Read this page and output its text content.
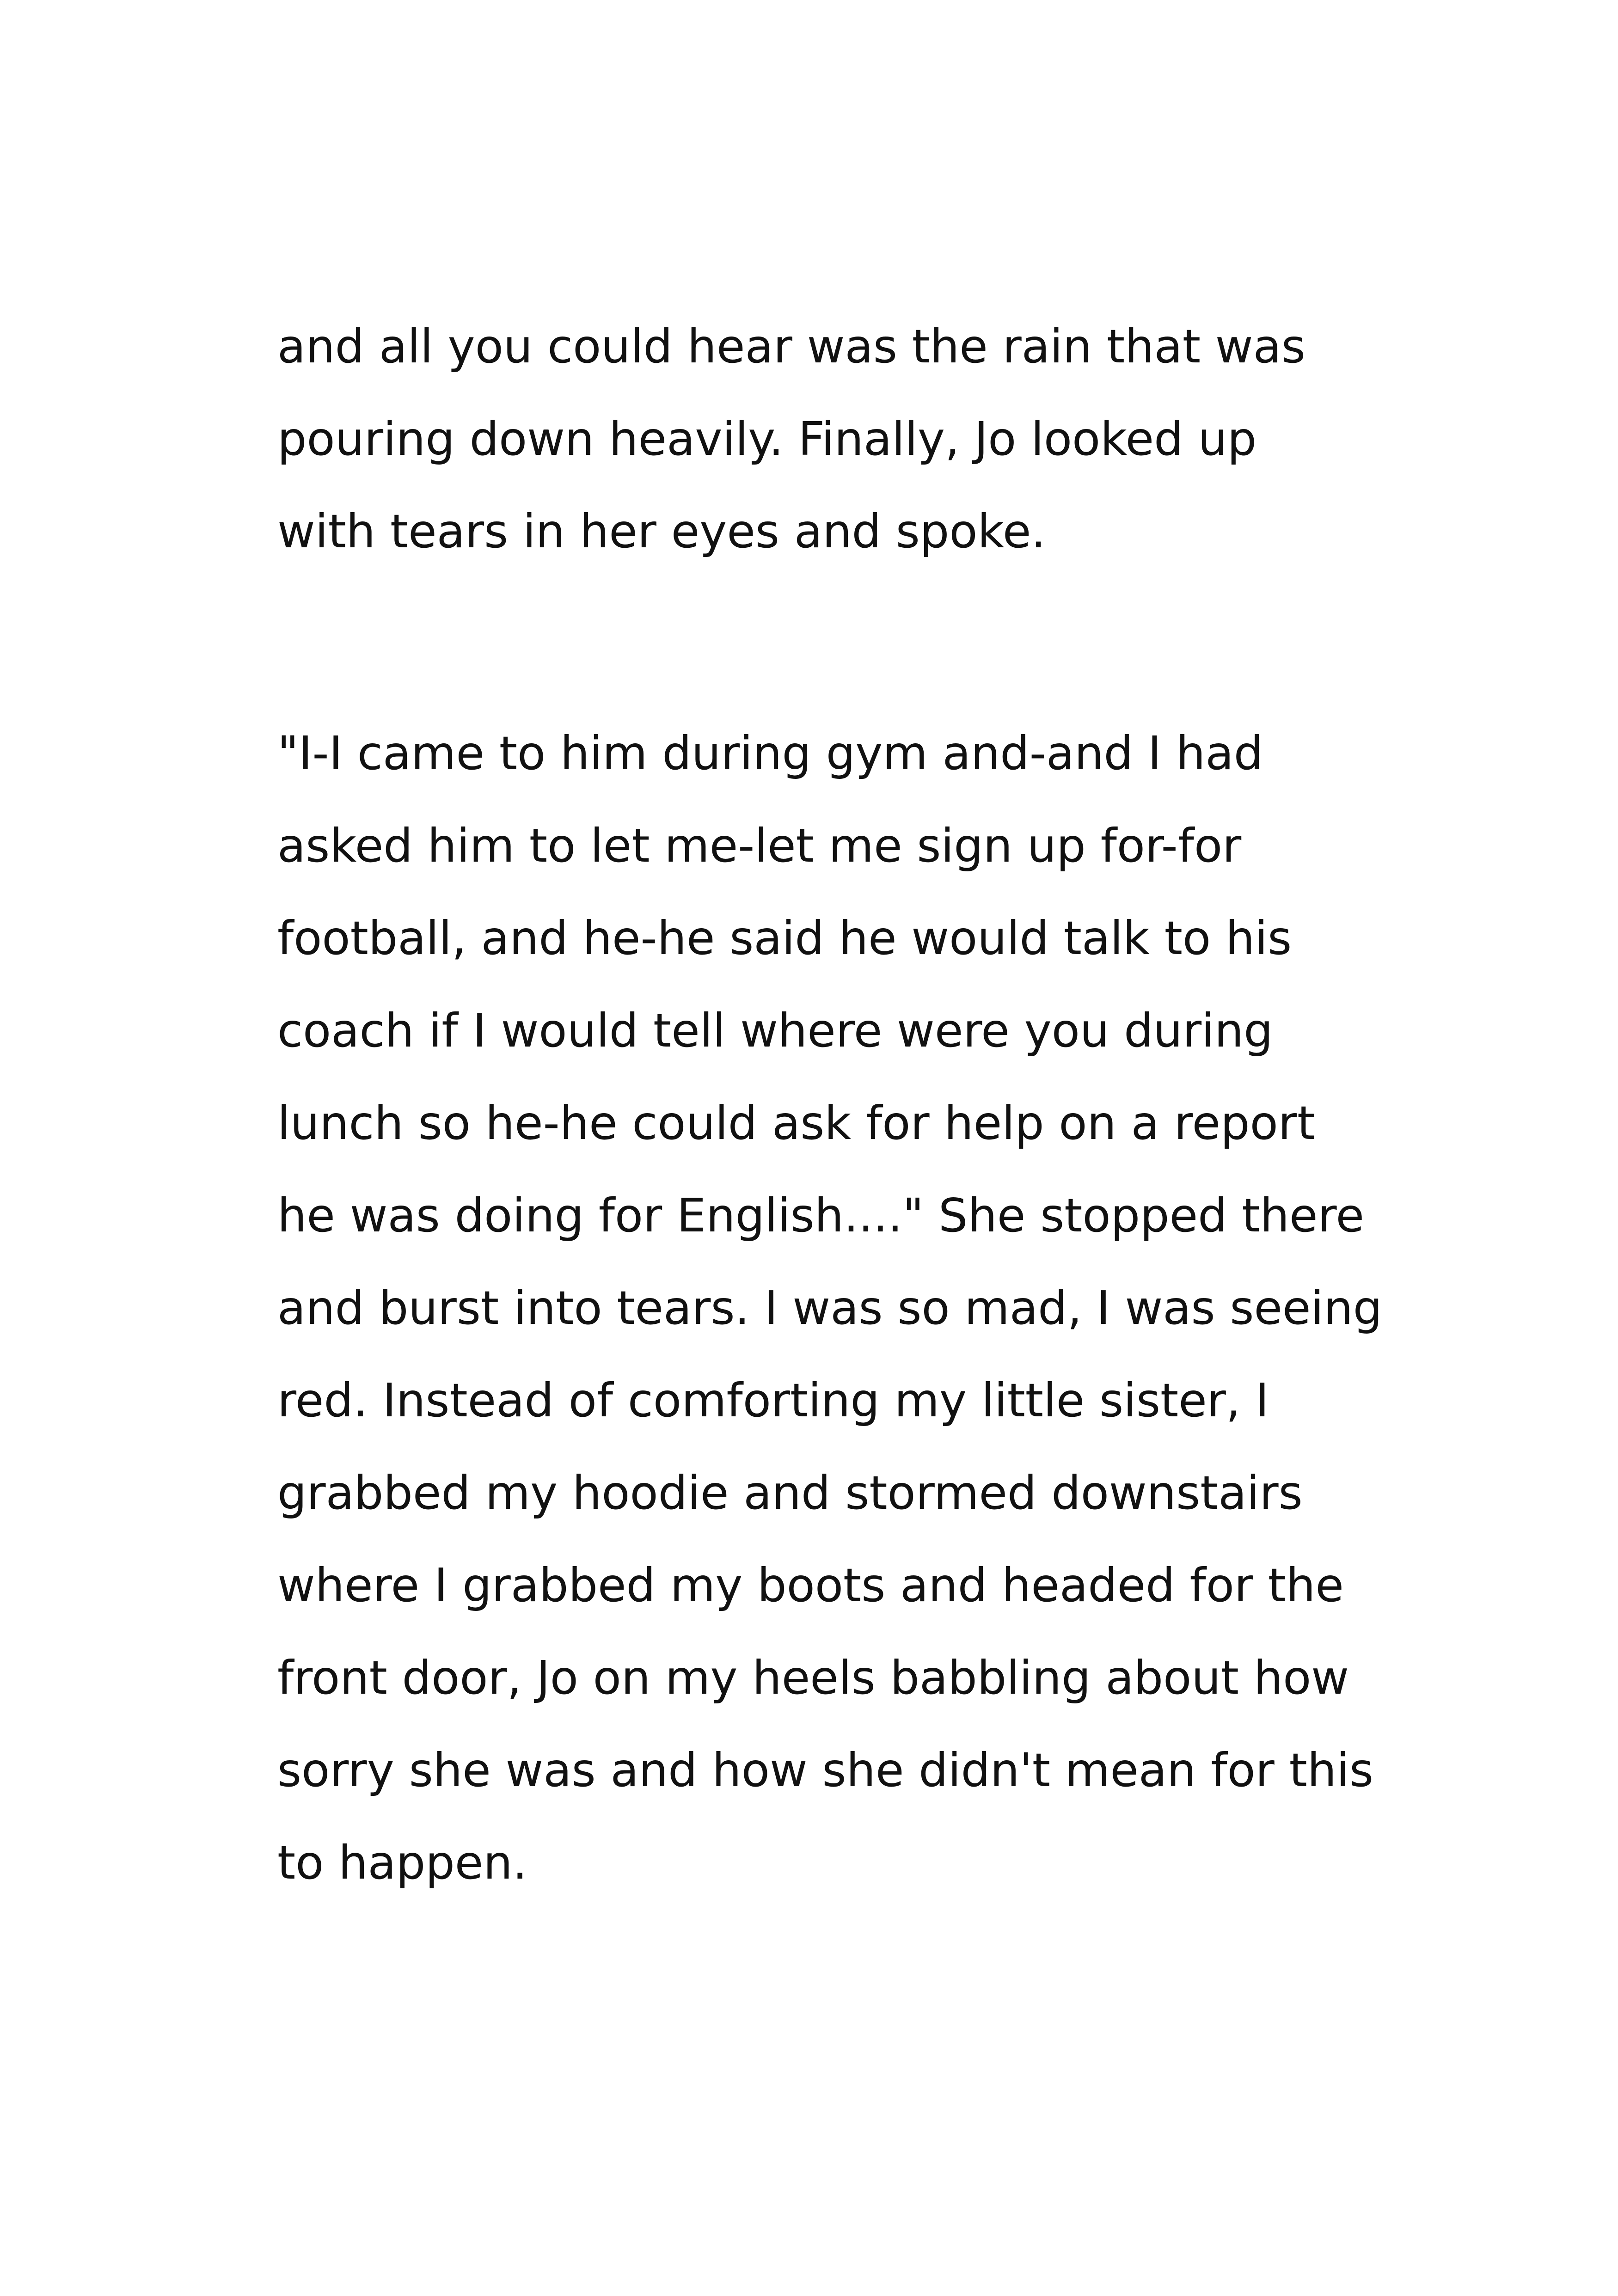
and all you could hear was the rain that was
pouring down heavily. Finally, Jo looked up
with tears in her eyes and spoke.

"I-I came to him during gym and-and I had
asked him to let me-let me sign up for-for
football, and he-he said he would talk to his
coach if I would tell where were you during
lunch so he-he could ask for help on a report
he was doing for English...." She stopped there
and burst into tears. I was so mad, I was seeing
red. Instead of comforting my little sister, I
grabbed my hoodie and stormed downstairs
where I grabbed my boots and headed for the
front door, Jo on my heels babbling about how
sorry she was and how she didn't mean for this
to happen.
